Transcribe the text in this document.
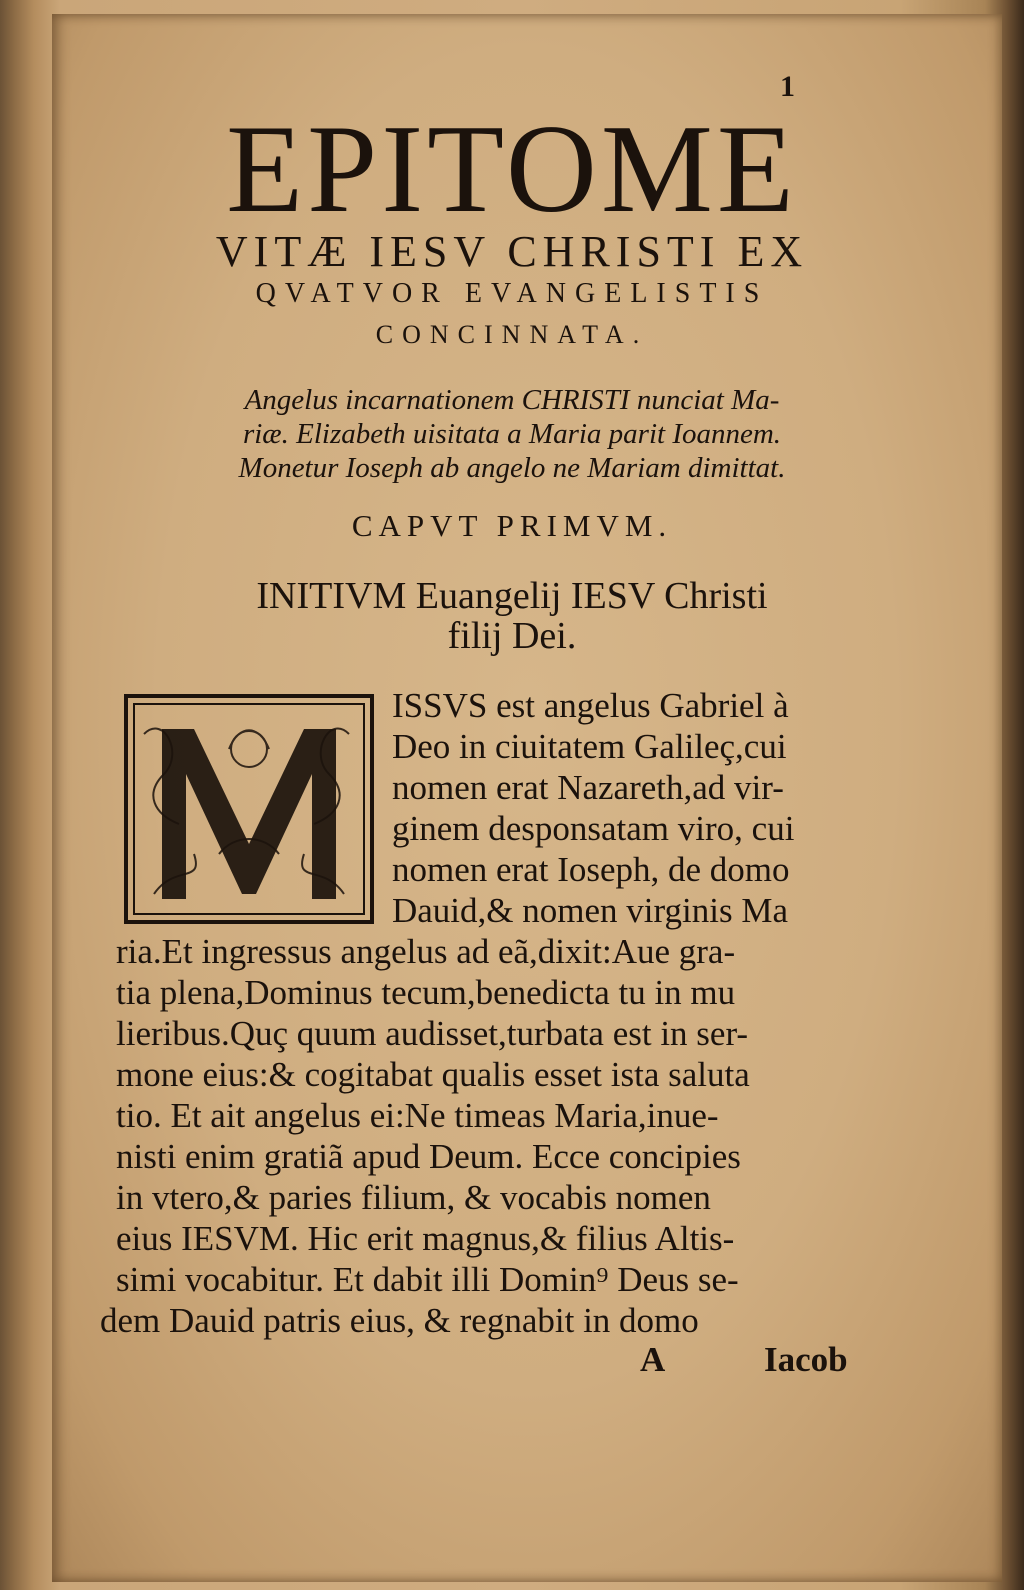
1
EPITOME
VITÆ IESV CHRISTI EX
QVATVOR EVANGELISTIS
CONCINNATA.
Angelus incarnationem CHRISTI nunciat Ma-
riæ. Elizabeth uisitata a Maria parit Ioannem.
Monetur Ioseph ab angelo ne Mariam dimittat.
CAPVT PRIMVM.
INITIVM Euangelij IESV Christi
filij Dei.
ISSVS est angelus Gabriel à
Deo in ciuitatem Galileç,cui
nomen erat Nazareth,ad vir-
ginem desponsatam viro, cui
nomen erat Ioseph, de domo
Dauid,& nomen virginis Ma
ria.Et ingressus angelus ad eã,dixit:Aue gra-
tia plena,Dominus tecum,benedicta tu in mu
lieribus.Quç quum audisset,turbata est in ser-
mone eius:& cogitabat qualis esset ista saluta
tio. Et ait angelus ei:Ne timeas Maria,inue-
nisti enim gratiã apud Deum. Ecce concipies
in vtero,& paries filium, & vocabis nomen
eius IESVM. Hic erit magnus,& filius Altis-
simi vocabitur. Et dabit illi Domin⁹ Deus se-
dem Dauid patris eius, & regnabit in domo
A	Iacob
